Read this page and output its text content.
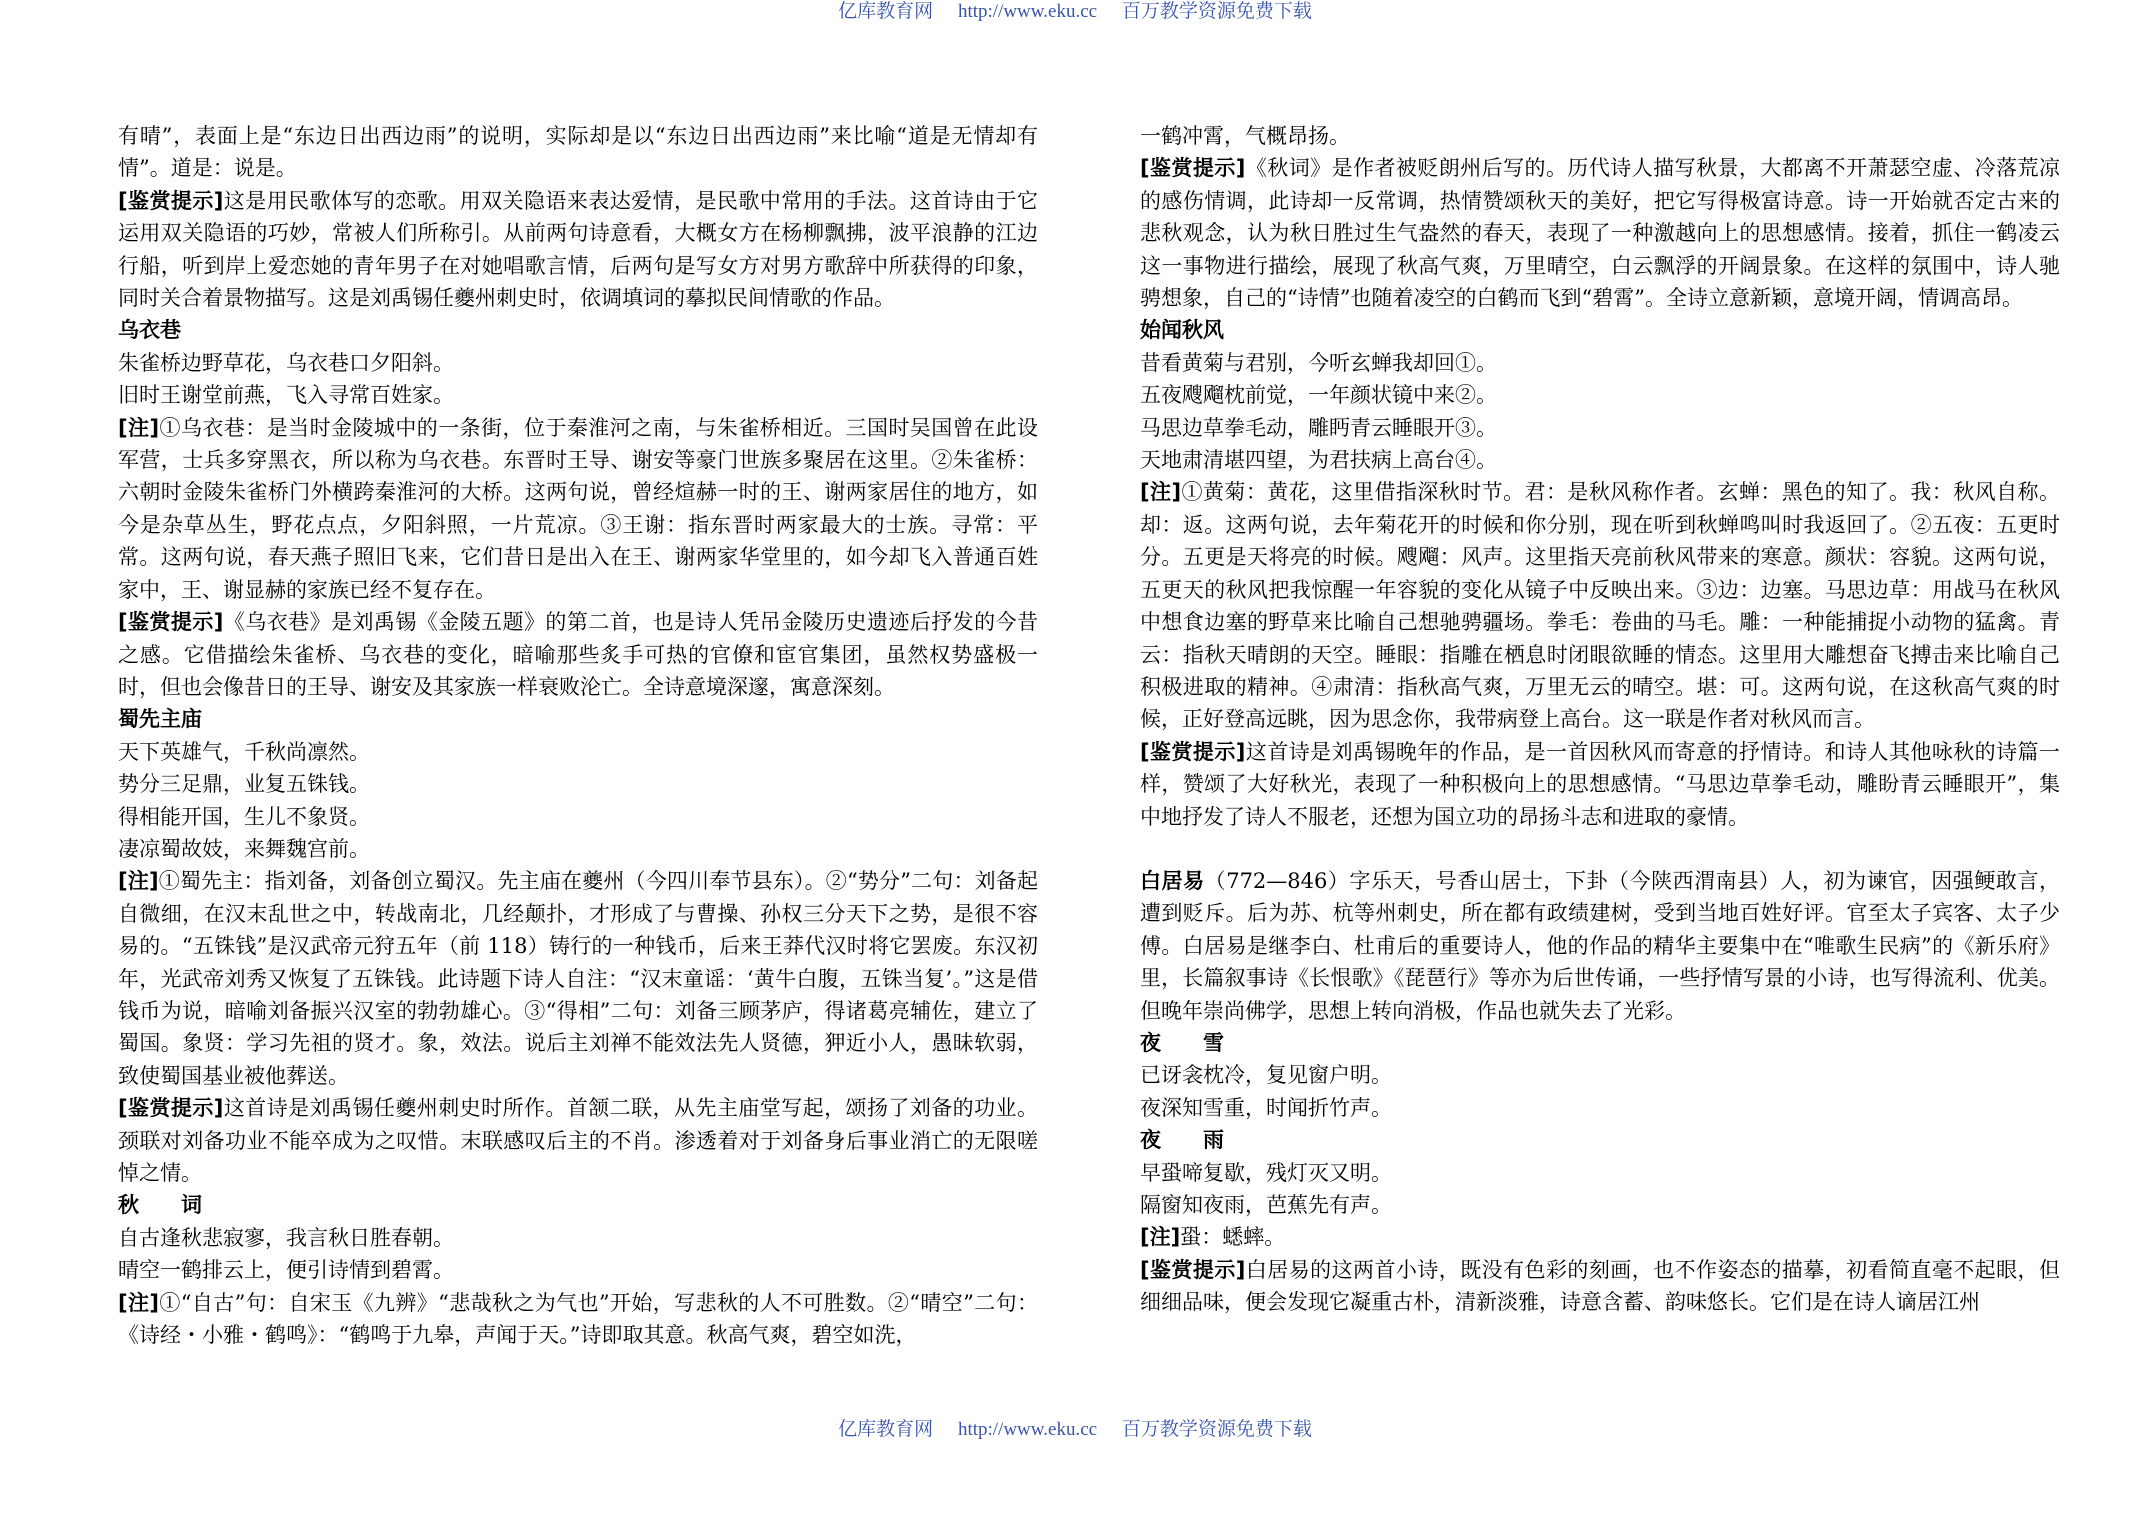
亿库教育网 http://www.eku.cc 百万教学资源免费下载

有晴”，表面上是“东边日出西边雨”的说明，实际却是以“东边日出西边雨”来比喻“道是无情却有情”。道是：说是。

[鉴赏提示]这是用民歌体写的恋歌。用双关隐语来表达爱情，是民歌中常用的手法。这首诗由于它运用双关隐语的巧妙，常被人们所称引。从前两句诗意看，大概女方在杨柳飘拂，波平浪静的江边行船，听到岸上爱恋她的青年男子在对她唱歌言情，后两句是写女方对男方歌辞中所获得的印象，同时关合着景物描写。这是刘禹锡任夔州刺史时，依调填词的摹拟民间情歌的作品。

乌衣巷

朱雀桥边野草花，乌衣巷口夕阳斜。

旧时王谢堂前燕，飞入寻常百姓家。

[注]①乌衣巷：是当时金陵城中的一条街，位于秦淮河之南，与朱雀桥相近。三国时吴国曾在此设军营，士兵多穿黑衣，所以称为乌衣巷。东晋时王导、谢安等豪门世族多聚居在这里。②朱雀桥：六朝时金陵朱雀桥门外横跨秦淮河的大桥。这两句说，曾经煊赫一时的王、谢两家居住的地方，如今是杂草丛生，野花点点，夕阳斜照，一片荒凉。③王谢：指东晋时两家最大的士族。寻常：平常。这两句说，春天燕子照旧飞来，它们昔日是出入在王、谢两家华堂里的，如今却飞入普通百姓家中，王、谢显赫的家族已经不复存在。

[鉴赏提示]《乌衣巷》是刘禹锡《金陵五题》的第二首，也是诗人凭吊金陵历史遗迹后抒发的今昔之感。它借描绘朱雀桥、乌衣巷的变化，暗喻那些炙手可热的官僚和宦官集团，虽然权势盛极一时，但也会像昔日的王导、谢安及其家族一样衰败沦亡。全诗意境深邃，寓意深刻。

蜀先主庙

天下英雄气，千秋尚凛然。

势分三足鼎，业复五铢钱。

得相能开国，生儿不象贤。

凄凉蜀故妓，来舞魏宫前。

[注]①蜀先主：指刘备，刘备创立蜀汉。先主庙在夔州（今四川奉节县东）。②“势分”二句：刘备起自微细，在汉末乱世之中，转战南北，几经颠扑，才形成了与曹操、孙权三分天下之势，是很不容易的。“五铢钱”是汉武帝元狩五年（前 118）铸行的一种钱币，后来王莽代汉时将它罢废。东汉初年，光武帝刘秀又恢复了五铢钱。此诗题下诗人自注：“汉末童谣：‘黄牛白腹，五铢当复’。”这是借钱币为说，暗喻刘备振兴汉室的勃勃雄心。③“得相”二句：刘备三顾茅庐，得诸葛亮辅佐，建立了蜀国。象贤：学习先祖的贤才。象，效法。说后主刘禅不能效法先人贤德，狎近小人，愚昧软弱，致使蜀国基业被他葬送。

[鉴赏提示]这首诗是刘禹锡任夔州刺史时所作。首颔二联，从先主庙堂写起，颂扬了刘备的功业。颈联对刘备功业不能卒成为之叹惜。末联感叹后主的不肖。渗透着对于刘备身后事业消亡的无限嗟悼之情。

秋　　词

自古逢秋悲寂寥，我言秋日胜春朝。

晴空一鹤排云上，便引诗情到碧霄。

[注]①“自古”句：自宋玉《九辨》“悲哉秋之为气也”开始，写悲秋的人不可胜数。②“晴空”二句：《诗经・小雅・鹤鸣》：“鹤鸣于九皋，声闻于天。”诗即取其意。秋高气爽，碧空如洗，

一鹤冲霄，气概昂扬。

[鉴赏提示]《秋词》是作者被贬朗州后写的。历代诗人描写秋景，大都离不开萧瑟空虚、冷落荒凉的感伤情调，此诗却一反常调，热情赞颂秋天的美好，把它写得极富诗意。诗一开始就否定古来的悲秋观念，认为秋日胜过生气盎然的春天，表现了一种激越向上的思想感情。接着，抓住一鹤凌云这一事物进行描绘，展现了秋高气爽，万里晴空，白云飘浮的开阔景象。在这样的氛围中，诗人驰骋想象，自己的“诗情”也随着凌空的白鹤而飞到“碧霄”。全诗立意新颖，意境开阔，情调高昂。

始闻秋风

昔看黄菊与君别，今听玄蝉我却回①。

五夜飕飗枕前觉，一年颜状镜中来②。

马思边草拳毛动，雕眄青云睡眼开③。

天地肃清堪四望，为君扶病上高台④。

[注]①黄菊：黄花，这里借指深秋时节。君：是秋风称作者。玄蝉：黑色的知了。我：秋风自称。却：返。这两句说，去年菊花开的时候和你分别，现在听到秋蝉鸣叫时我返回了。②五夜：五更时分。五更是天将亮的时候。飕飗：风声。这里指天亮前秋风带来的寒意。颜状：容貌。这两句说，五更天的秋风把我惊醒一年容貌的变化从镜子中反映出来。③边：边塞。马思边草：用战马在秋风中想食边塞的野草来比喻自己想驰骋疆场。拳毛：卷曲的马毛。雕：一种能捕捉小动物的猛禽。青云：指秋天晴朗的天空。睡眼：指雕在栖息时闭眼欲睡的情态。这里用大雕想奋飞搏击来比喻自己积极进取的精神。④肃清：指秋高气爽，万里无云的晴空。堪：可。这两句说，在这秋高气爽的时候，正好登高远眺，因为思念你，我带病登上高台。这一联是作者对秋风而言。

[鉴赏提示]这首诗是刘禹锡晚年的作品，是一首因秋风而寄意的抒情诗。和诗人其他咏秋的诗篇一样，赞颂了大好秋光，表现了一种积极向上的思想感情。“马思边草拳毛动，雕盼青云睡眼开”，集中地抒发了诗人不服老，还想为国立功的昂扬斗志和进取的豪情。

白居易（772—846）字乐天，号香山居士，下卦（今陕西渭南县）人，初为谏官，因强鲠敢言，遭到贬斥。后为苏、杭等州刺史，所在都有政绩建树，受到当地百姓好评。官至太子宾客、太子少傅。白居易是继李白、杜甫后的重要诗人，他的作品的精华主要集中在“唯歌生民病”的《新乐府》里，长篇叙事诗《长恨歌》《琵琶行》等亦为后世传诵，一些抒情写景的小诗，也写得流利、优美。但晚年崇尚佛学，思想上转向消极，作品也就失去了光彩。

夜　　雪

已讶衾枕冷，复见窗户明。

夜深知雪重，时闻折竹声。

夜　　雨

早蛩啼复歇，残灯灭又明。

隔窗知夜雨，芭蕉先有声。

[注]蛩：蟋蟀。

[鉴赏提示]白居易的这两首小诗，既没有色彩的刻画，也不作姿态的描摹，初看简直毫不起眼，但细细品味，便会发现它凝重古朴，清新淡雅，诗意含蓄、韵味悠长。它们是在诗人谪居江州

亿库教育网 http://www.eku.cc 百万教学资源免费下载
